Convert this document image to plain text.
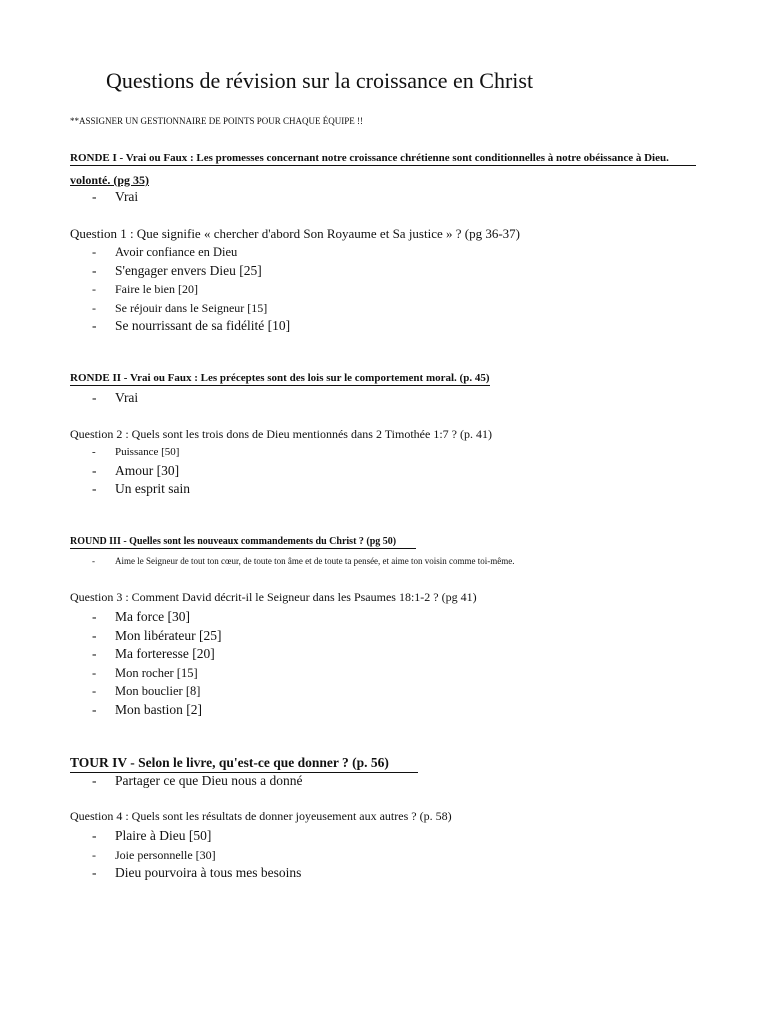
Questions de révision sur la croissance en Christ
**ASSIGNER UN GESTIONNAIRE DE POINTS POUR CHAQUE ÉQUIPE !!
RONDE I - Vrai ou Faux : Les promesses concernant notre croissance chrétienne sont conditionnelles à notre obéissance à Dieu.
volonté. (pg 35)
- Vrai
Question 1 : Que signifie « chercher d'abord Son Royaume et Sa justice » ? (pg 36-37)
- Avoir confiance en Dieu
- S'engager envers Dieu [25]
- Faire le bien [20]
- Se réjouir dans le Seigneur [15]
- Se nourrissant de sa fidélité [10]
RONDE II - Vrai ou Faux : Les préceptes sont des lois sur le comportement moral. (p. 45)
- Vrai
Question 2 : Quels sont les trois dons de Dieu mentionnés dans 2 Timothée 1:7 ? (p. 41)
- Puissance [50]
- Amour [30]
- Un esprit sain
ROUND III - Quelles sont les nouveaux commandements du Christ ? (pg 50)
- Aime le Seigneur de tout ton cœur, de toute ton âme et de toute ta pensée, et aime ton voisin comme toi-même.
Question 3 : Comment David décrit-il le Seigneur dans les Psaumes 18:1-2 ? (pg 41)
- Ma force [30]
- Mon libérateur [25]
- Ma forteresse [20]
- Mon rocher [15]
- Mon bouclier [8]
- Mon bastion [2]
TOUR IV - Selon le livre, qu'est-ce que donner ? (p. 56)
- Partager ce que Dieu nous a donné
Question 4 : Quels sont les résultats de donner joyeusement aux autres ? (p. 58)
- Plaire à Dieu [50]
- Joie personnelle [30]
- Dieu pourvoira à tous mes besoins
